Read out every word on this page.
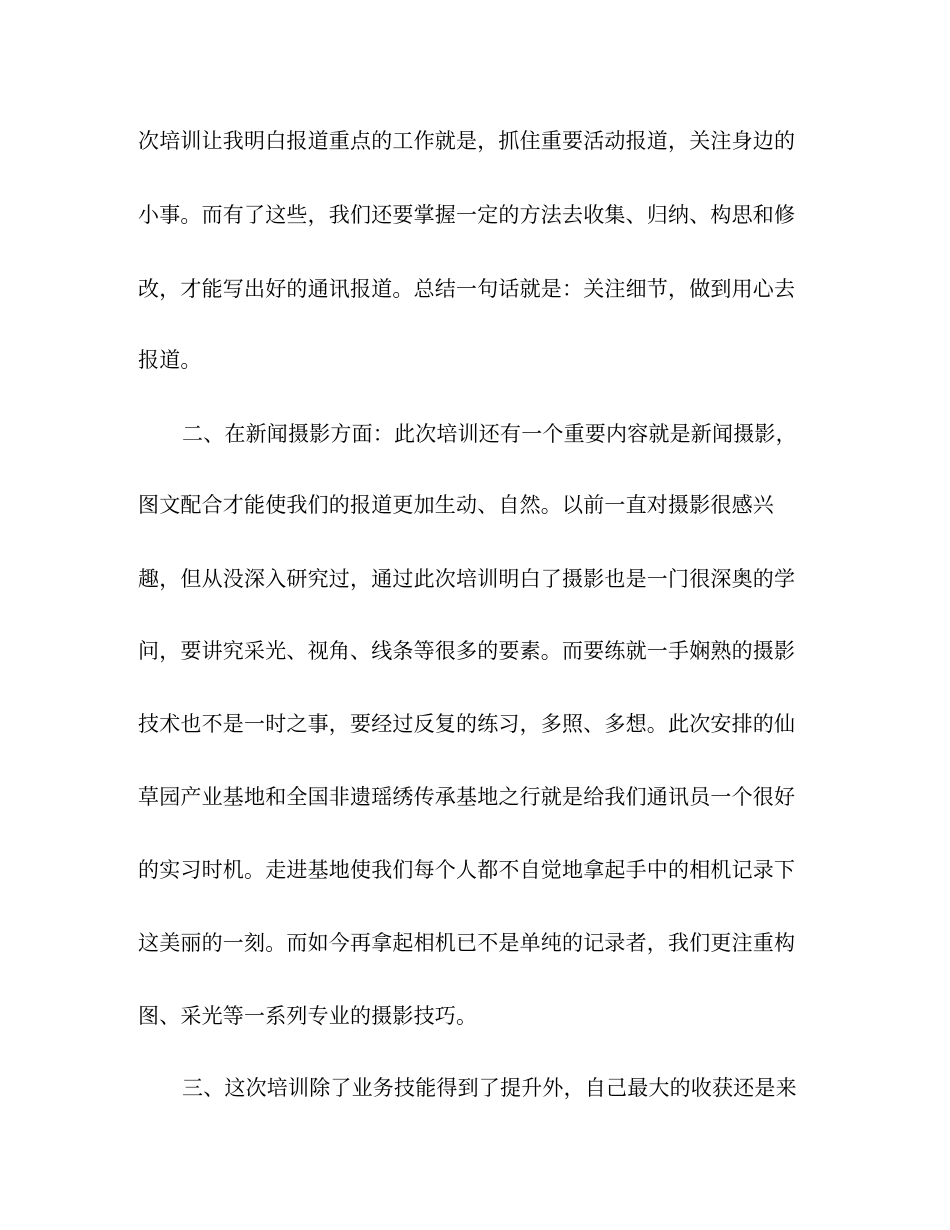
次培训让我明白报道重点的工作就是，抓住重要活动报道，关注身边的
小事。而有了这些，我们还要掌握一定的方法去收集、归纳、构思和修
改，才能写出好的通讯报道。总结一句话就是：关注细节，做到用心去
报道。
二、在新闻摄影方面：此次培训还有一个重要内容就是新闻摄影，
图文配合才能使我们的报道更加生动、自然。以前一直对摄影很感兴
趣，但从没深入研究过，通过此次培训明白了摄影也是一门很深奥的学
问，要讲究采光、视角、线条等很多的要素。而要练就一手娴熟的摄影
技术也不是一时之事，要经过反复的练习，多照、多想。此次安排的仙
草园产业基地和全国非遗瑶绣传承基地之行就是给我们通讯员一个很好
的实习时机。走进基地使我们每个人都不自觉地拿起手中的相机记录下
这美丽的一刻。而如今再拿起相机已不是单纯的记录者，我们更注重构
图、采光等一系列专业的摄影技巧。
三、这次培训除了业务技能得到了提升外，自己最大的收获还是来
